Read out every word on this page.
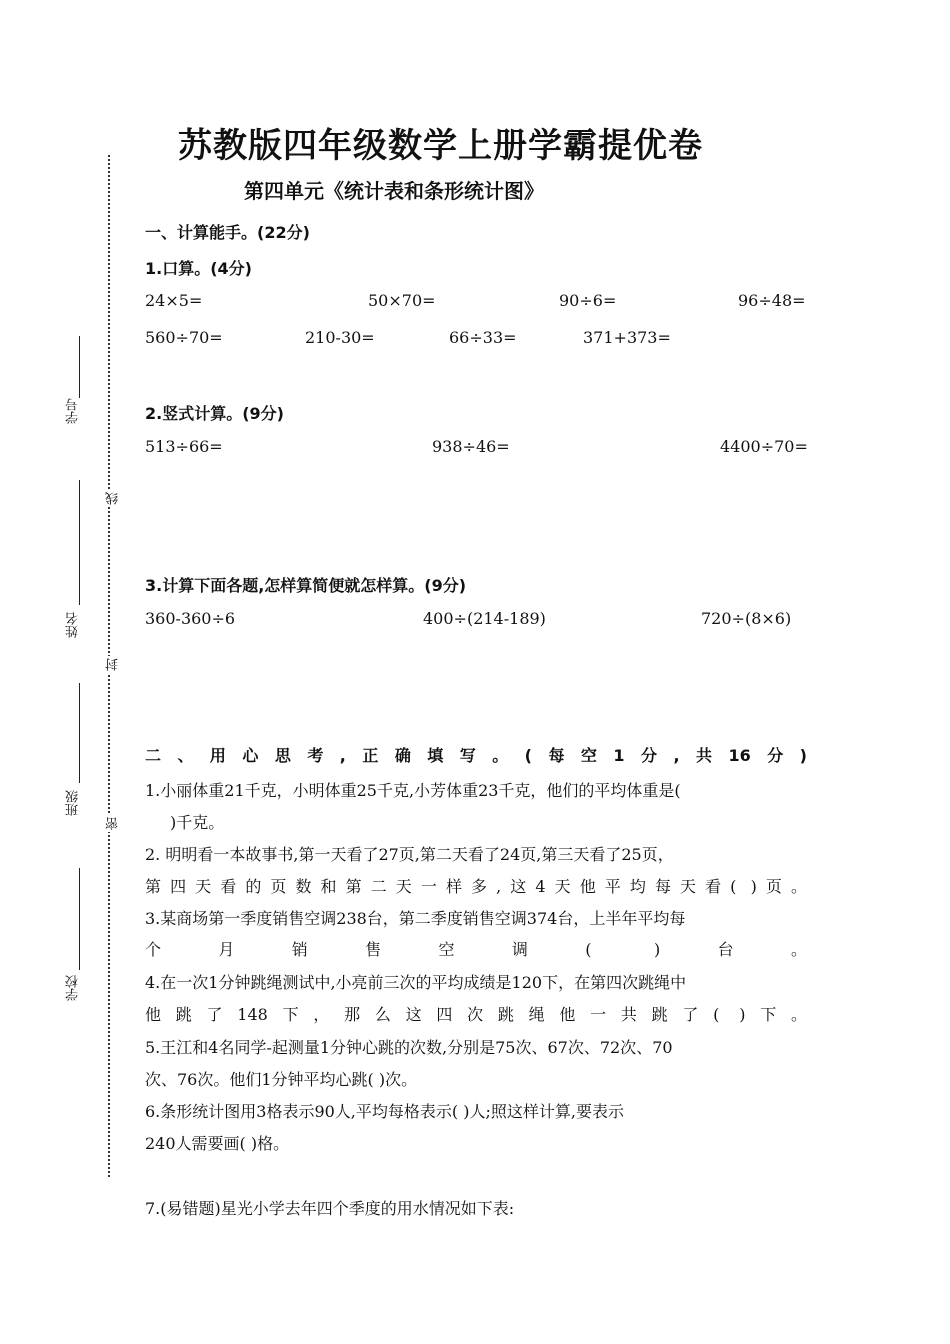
学号
姓名
班级
学校
线
封
密
苏教版四年级数学上册学霸提优卷
第四单元《统计表和条形统计图》
一、计算能手。(22分)
1.口算。(4分)
24×5=	50×70=	90÷6=	96÷48=
560÷70=	210-30=	66÷33=	371+373=
2.竖式计算。(9分)
513÷66=	938÷46=	4400÷70=
3.计算下面各题,怎样算简便就怎样算。(9分)
360-360÷6	400÷(214-189)	720÷(8×6)
二、用心思考,正确填写。(每空1分,共16分)
1.小丽体重21千克，小明体重25千克,小芳体重23千克，他们的平均体重是(
)千克。
2. 明明看一本故事书,第一天看了27页,第二天看了24页,第三天看了25页，
第四天看的页数和第二天一样多,这4天他平均每天看( )页。
3.某商场第一季度销售空调238台，第二季度销售空调374台，上半年平均每
个月销售空调( )台。
4.在一次1分钟跳绳测试中,小亮前三次的平均成绩是120下，在第四次跳绳中
他跳了148下，那么这四次跳绳他一共跳了( )下。
5.王江和4名同学-起测量1分钟心跳的次数,分别是75次、67次、72次、70
次、76次。他们1分钟平均心跳( )次。
6.条形统计图用3格表示90人,平均每格表示( )人;照这样计算,要表示
240人需要画( )格。
7.(易错题)星光小学去年四个季度的用水情况如下表:
